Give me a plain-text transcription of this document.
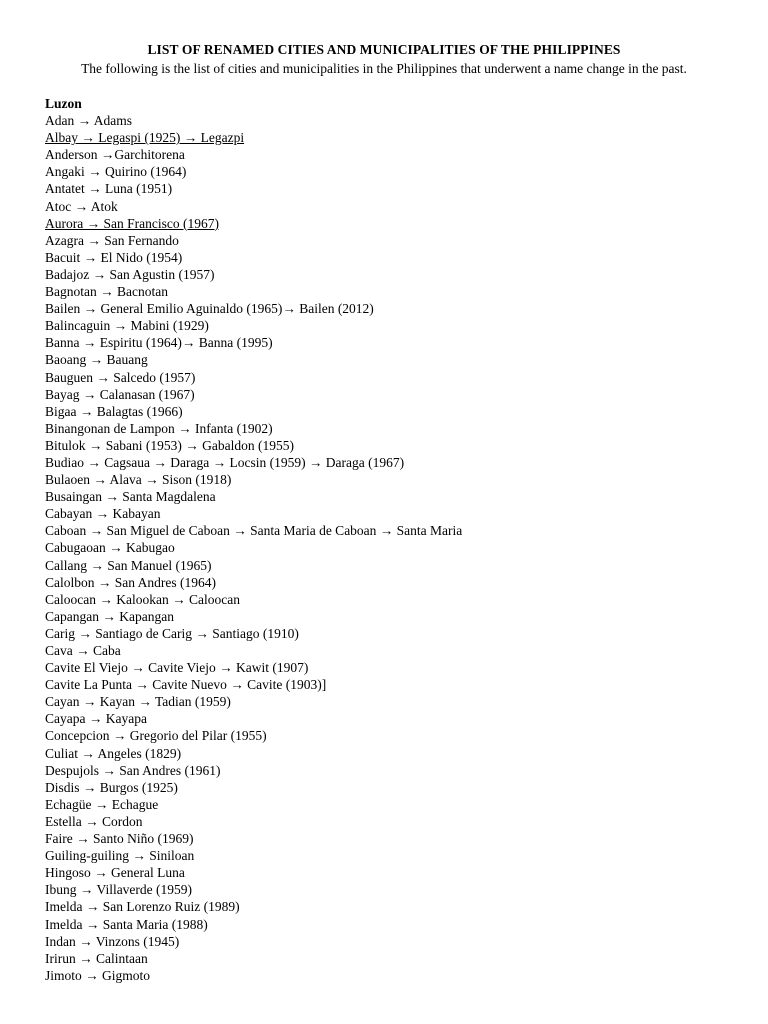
LIST OF RENAMED CITIES AND MUNICIPALITIES OF THE PHILIPPINES

The following is the list of cities and municipalities in the Philippines that underwent a name change in the past.

Luzon
Adan → Adams
Albay → Legaspi (1925) → Legazpi
Anderson →Garchitorena
Angaki → Quirino (1964)
Antatet → Luna (1951)
Atoc → Atok
Aurora → San Francisco (1967)
Azagra → San Fernando
Bacuit → El Nido (1954)
Badajoz → San Agustin (1957)
Bagnotan → Bacnotan
Bailen → General Emilio Aguinaldo (1965)→ Bailen (2012)
Balincaguin → Mabini (1929)
Banna → Espiritu (1964)→ Banna (1995)
Baoang → Bauang
Bauguen → Salcedo (1957)
Bayag → Calanasan (1967)
Bigaa → Balagtas (1966)
Binangonan de Lampon → Infanta (1902)
Bitulok → Sabani (1953) → Gabaldon (1955)
Budiao → Cagsaua → Daraga → Locsin (1959) → Daraga (1967)
Bulaoen → Alava → Sison (1918)
Busaingan → Santa Magdalena
Cabayan → Kabayan
Caboan → San Miguel de Caboan → Santa Maria de Caboan → Santa Maria
Cabugaoan → Kabugao
Callang → San Manuel (1965)
Calolbon → San Andres (1964)
Caloocan → Kalookan → Caloocan
Capangan → Kapangan
Carig → Santiago de Carig → Santiago (1910)
Cava → Caba
Cavite El Viejo → Cavite Viejo → Kawit (1907)
Cavite La Punta → Cavite Nuevo → Cavite (1903)]
Cayan → Kayan → Tadian (1959)
Cayapa → Kayapa
Concepcion → Gregorio del Pilar (1955)
Culiat → Angeles (1829)
Despujols → San Andres (1961)
Disdis → Burgos (1925)
Echagüe → Echague
Estella → Cordon
Faire → Santo Niño (1969)
Guiling-guiling → Siniloan
Hingoso → General Luna
Ibung → Villaverde (1959)
Imelda → San Lorenzo Ruiz (1989)
Imelda → Santa Maria (1988)
Indan → Vinzons (1945)
Irirun → Calintaan
Jimoto → Gigmoto
